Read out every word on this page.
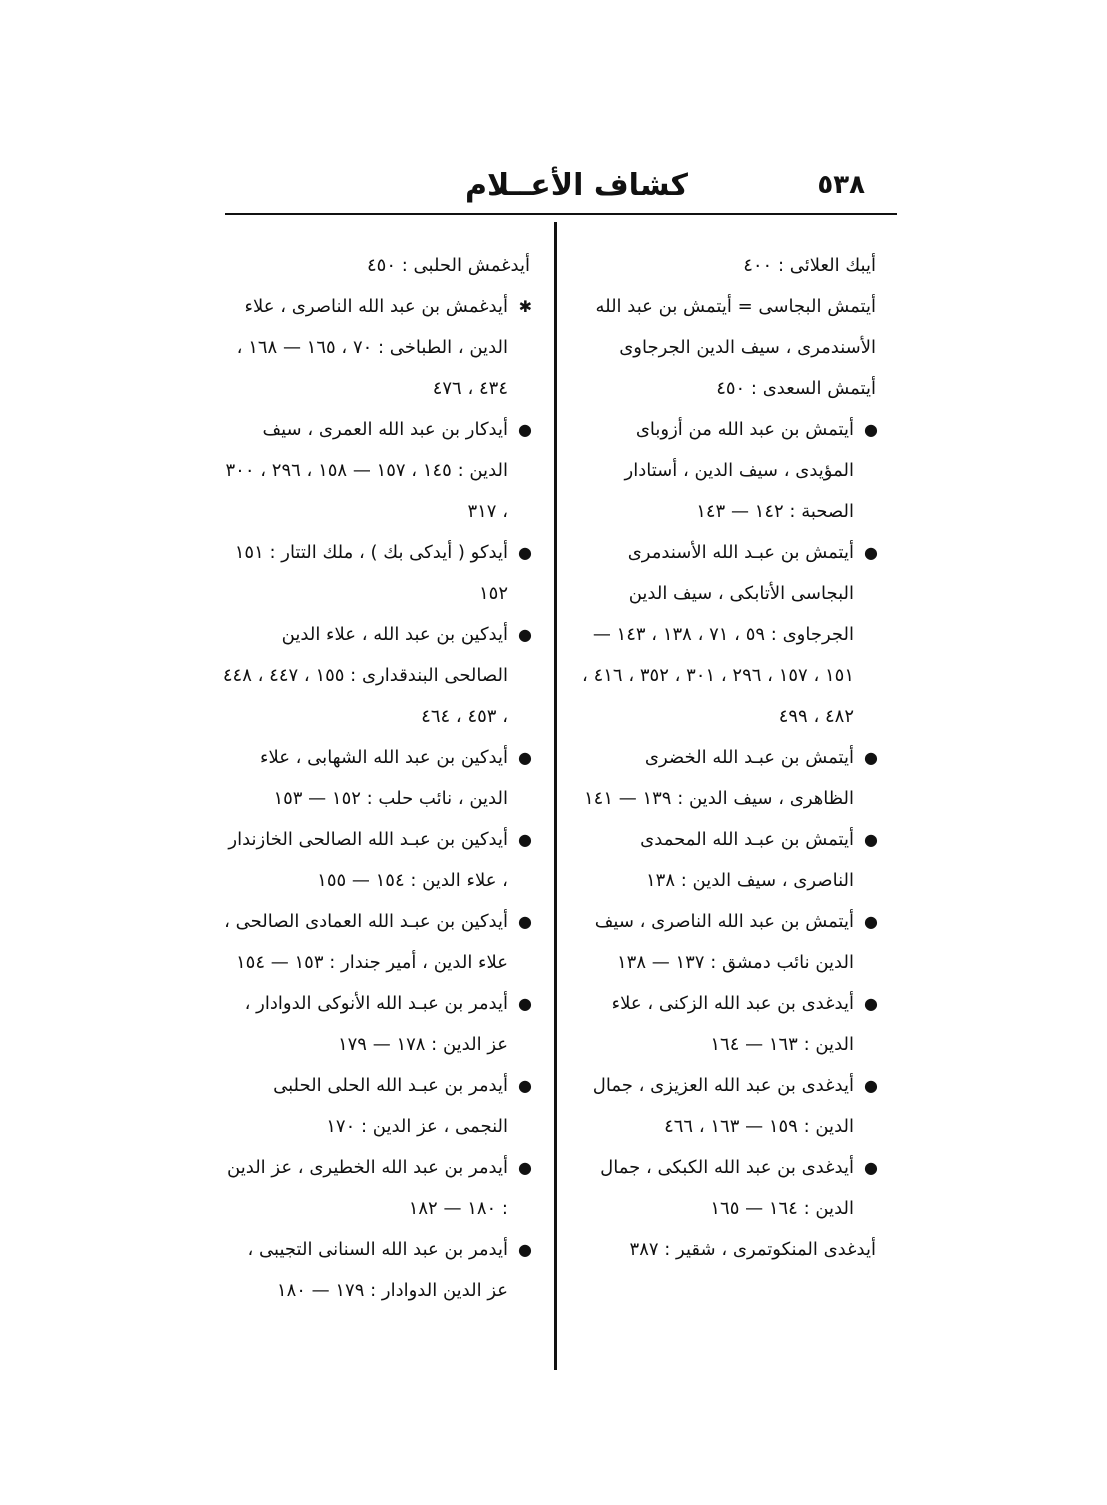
كشاف الأعــلام	٥٣٨
أيبك العلائى : ٤٠٠
أيتمش البجاسى = أيتمش بن عبد الله الأسندمرى ، سيف الدين الجرجاوى
أيتمش السعدى : ٤٥٠
●
أيتمش بن عبد الله من أزوباى المؤيدى ، سيف الدين ، أستادار الصحبة : ١٤٢ — ١٤٣
●
أيتمش بن عبـد الله الأسندمرى البجاسى الأتابكى ، سيف الدين الجرجاوى : ٥٩ ، ٧١ ، ١٣٨ ، ١٤٣ — ١٥١ ، ١٥٧ ، ٢٩٦ ، ٣٠١ ، ٣٥٢ ، ٤١٦ ، ٤٨٢ ، ٤٩٩
●
أيتمش بن عبـد الله الخضرى الظاهرى ، سيف الدين : ١٣٩ — ١٤١
●
أيتمش بن عبـد الله المحمدى الناصرى ، سيف الدين : ١٣٨
●
أيتمش بن عبد الله الناصرى ، سيف الدين نائب دمشق : ١٣٧ — ١٣٨
●
أيدغدى بن عبد الله الزكنى ، علاء الدين : ١٦٣ — ١٦٤
●
أيدغدى بن عبد الله العزيزى ، جمال الدين : ١٥٩ — ١٦٣ ، ٤٦٦
●
أيدغدى بن عبد الله الكبكى ، جمال الدين : ١٦٤ — ١٦٥
أيدغدى المنكوتمرى ، شقير : ٣٨٧
أيدغمش الحلبى : ٤٥٠
✱
أيدغمش بن عبد الله الناصرى ، علاء الدين ، الطباخى : ٧٠ ، ١٦٥ — ١٦٨ ، ٤٣٤ ، ٤٧٦
●
أيدكار بن عبد الله العمرى ، سيف الدين : ١٤٥ ، ١٥٧ — ١٥٨ ، ٢٩٦ ، ٣٠٠ ، ٣١٧
●
أيدكو ( أيدكى بك ) ، ملك التتار : ١٥١ ١٥٢
●
أيدكين بن عبد الله ، علاء الدين الصالحى البندقدارى : ١٥٥ ، ٤٤٧ ، ٤٤٨ ، ٤٥٣ ، ٤٦٤
●
أيدكين بن عبد الله الشهابى ، علاء الدين ، نائب حلب : ١٥٢ — ١٥٣
●
أيدكين بن عبـد الله الصالحى الخازندار ، علاء الدين : ١٥٤ — ١٥٥
●
أيدكين بن عبـد الله العمادى الصالحى ، علاء الدين ، أمير جندار : ١٥٣ — ١٥٤
●
أيدمر بن عبـد الله الأنوكى الدوادار ، عز الدين : ١٧٨ — ١٧٩
●
أيدمر بن عبـد الله الحلى الحلبى النجمى ، عز الدين : ١٧٠
●
أيدمر بن عبد الله الخطيرى ، عز الدين : ١٨٠ — ١٨٢
●
أيدمر بن عبد الله السنانى التجيبى ، عز الدين الدوادار : ١٧٩ — ١٨٠
